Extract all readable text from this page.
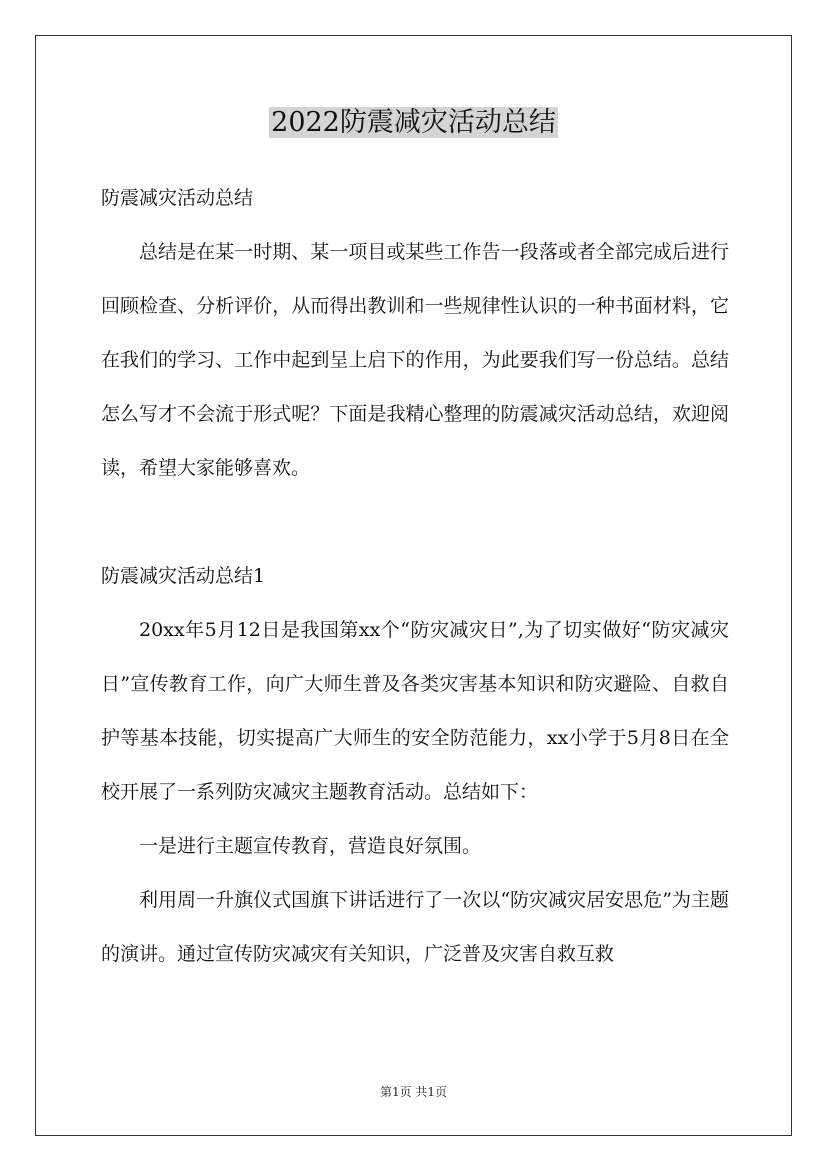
2022防震减灾活动总结

防震减灾活动总结

总结是在某一时期、某一项目或某些工作告一段落或者全部完成后进行回顾检查、分析评价，从而得出教训和一些规律性认识的一种书面材料，它在我们的学习、工作中起到呈上启下的作用，为此要我们写一份总结。总结怎么写才不会流于形式呢？下面是我精心整理的防震减灾活动总结，欢迎阅读，希望大家能够喜欢。

防震减灾活动总结1

20xx年5月12日是我国第xx个“防灾减灾日”,为了切实做好“防灾减灾日”宣传教育工作，向广大师生普及各类灾害基本知识和防灾避险、自救自护等基本技能，切实提高广大师生的安全防范能力，xx小学于5月8日在全校开展了一系列防灾减灾主题教育活动。总结如下：

一是进行主题宣传教育，营造良好氛围。

利用周一升旗仪式国旗下讲话进行了一次以“防灾减灾居安思危”为主题的演讲。通过宣传防灾减灾有关知识，广泛普及灾害自救互救

第1页 共1页
